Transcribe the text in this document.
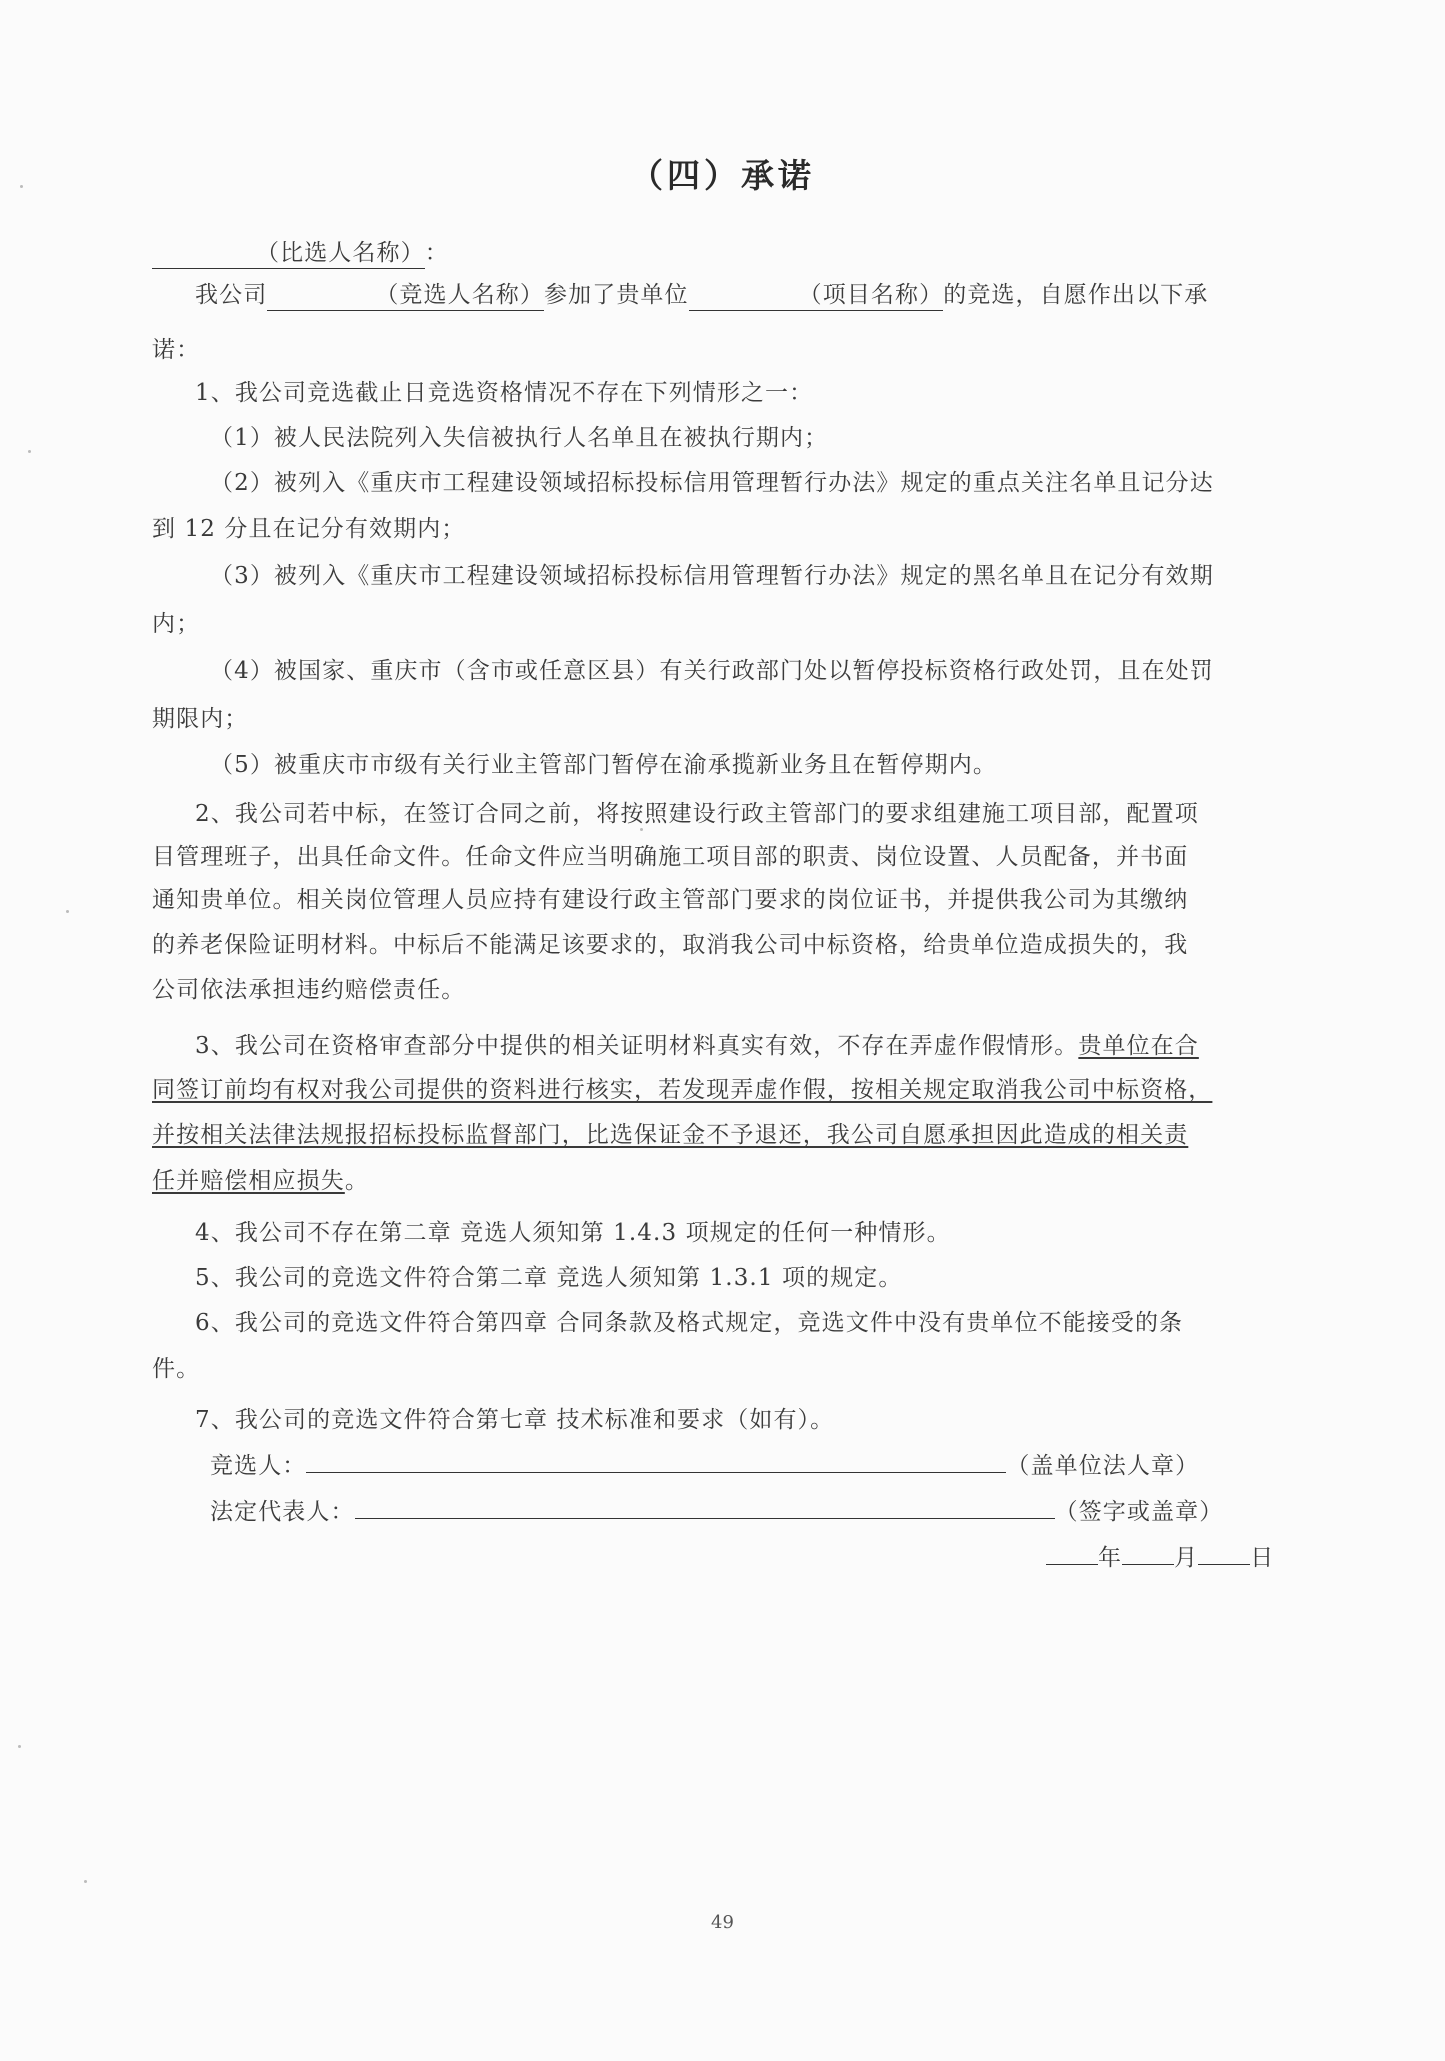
（四）承诺
（比选人名称）：
我公司	（竞选人名称）参加了贵单位	（项目名称）的竞选，自愿作出以下承
诺：
1、我公司竞选截止日竞选资格情况不存在下列情形之一：
（1）被人民法院列入失信被执行人名单且在被执行期内；
（2）被列入《重庆市工程建设领域招标投标信用管理暂行办法》规定的重点关注名单且记分达
到 12 分且在记分有效期内；
（3）被列入《重庆市工程建设领域招标投标信用管理暂行办法》规定的黑名单且在记分有效期
内；
（4）被国家、重庆市（含市或任意区县）有关行政部门处以暂停投标资格行政处罚，且在处罚
期限内；
（5）被重庆市市级有关行业主管部门暂停在渝承揽新业务且在暂停期内。
2、我公司若中标，在签订合同之前，将按照建设行政主管部门的要求组建施工项目部，配置项
目管理班子，出具任命文件。任命文件应当明确施工项目部的职责、岗位设置、人员配备，并书面
通知贵单位。相关岗位管理人员应持有建设行政主管部门要求的岗位证书，并提供我公司为其缴纳
的养老保险证明材料。中标后不能满足该要求的，取消我公司中标资格，给贵单位造成损失的，我
公司依法承担违约赔偿责任。
3、我公司在资格审查部分中提供的相关证明材料真实有效，不存在弄虚作假情形。贵单位在合
同签订前均有权对我公司提供的资料进行核实，若发现弄虚作假，按相关规定取消我公司中标资格，
并按相关法律法规报招标投标监督部门，比选保证金不予退还，我公司自愿承担因此造成的相关责
任并赔偿相应损失。
4、我公司不存在第二章 竞选人须知第 1.4.3 项规定的任何一种情形。
5、我公司的竞选文件符合第二章 竞选人须知第 1.3.1 项的规定。
6、我公司的竞选文件符合第四章 合同条款及格式规定，竞选文件中没有贵单位不能接受的条
件。
7、我公司的竞选文件符合第七章 技术标准和要求（如有）。
竞选人：	（盖单位法人章）
法定代表人：	（签字或盖章）
年 月 日
49
